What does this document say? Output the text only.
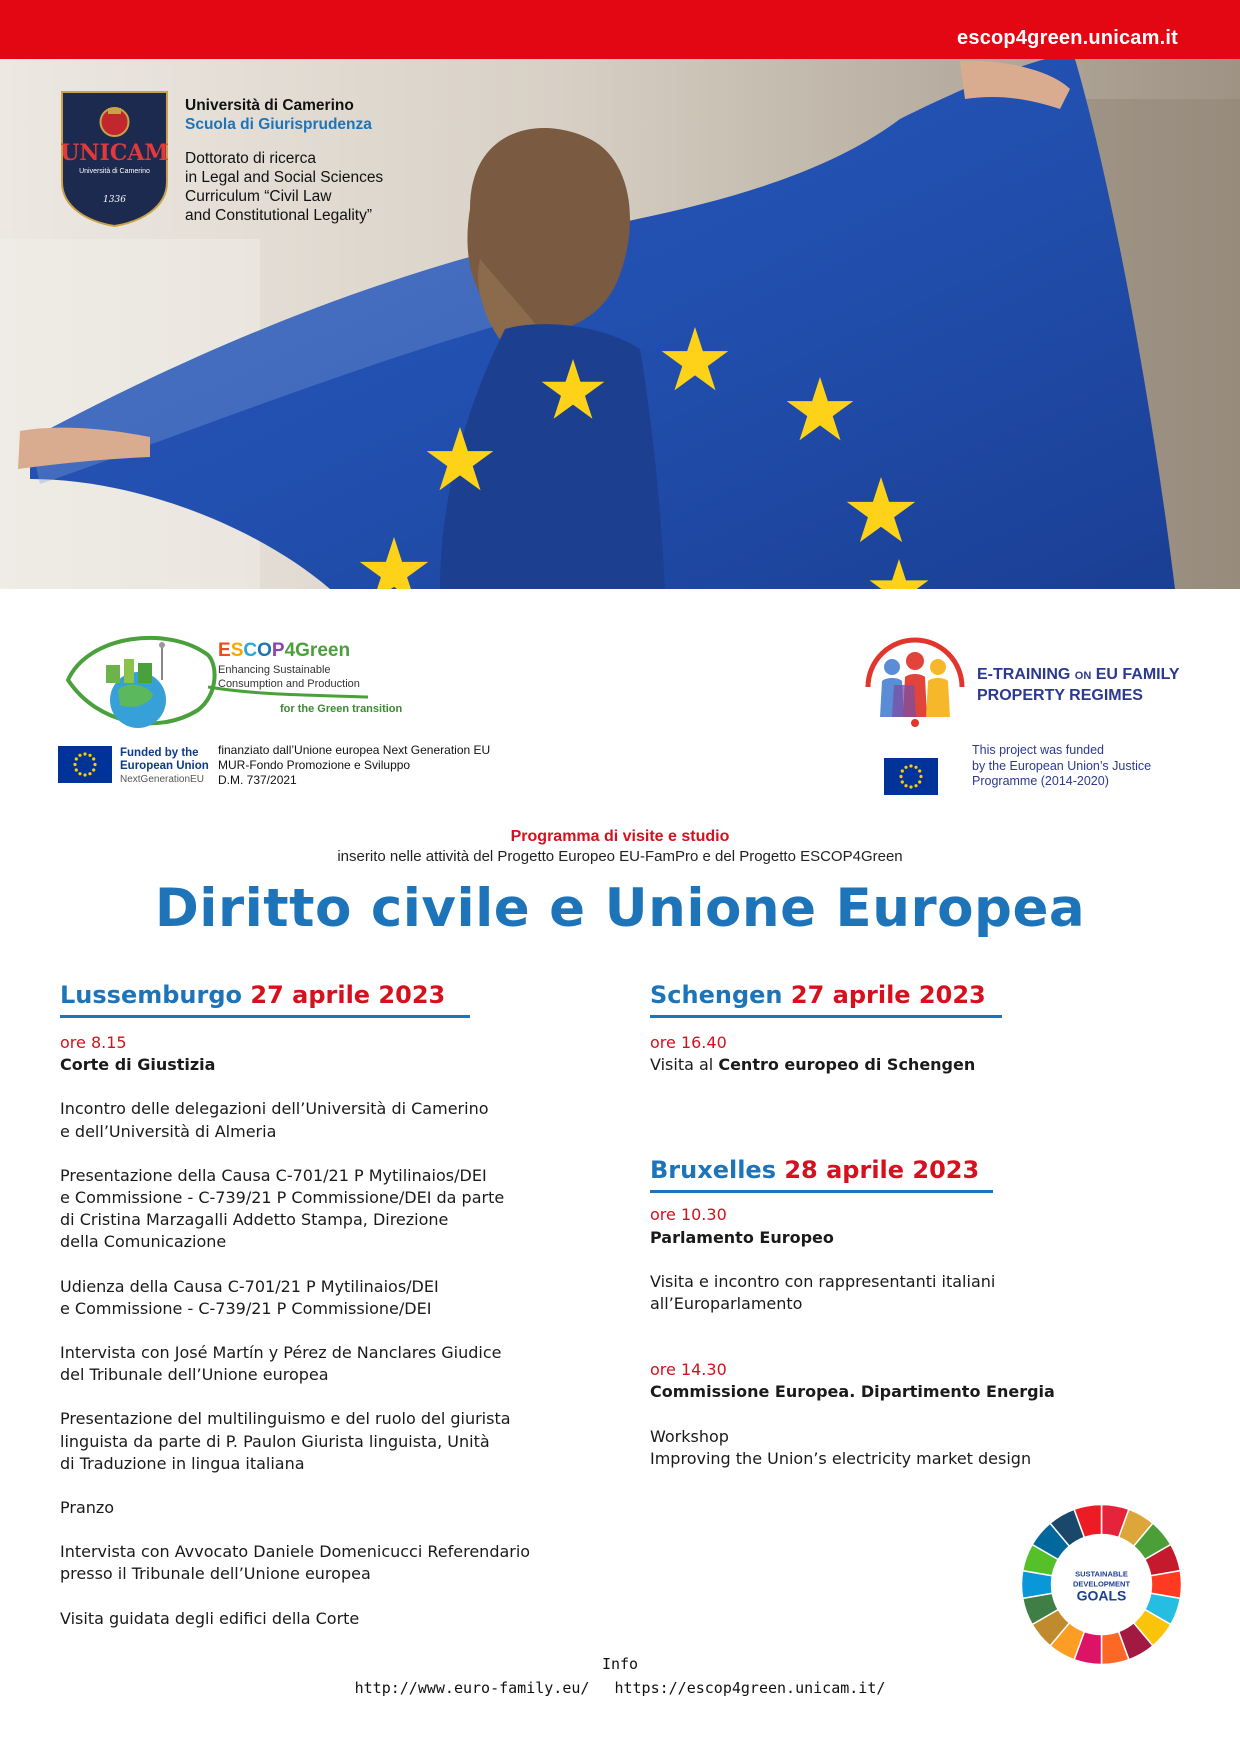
escop4green.unicam.it
UNICAM
Università di Camerino
1336
Università di Camerino
Scuola di Giurisprudenza
Dottorato di ricerca
in Legal and Social Sciences
Curriculum “Civil Law
and Constitutional Legality”
ESCOP4Green
Enhancing Sustainable
Consumption and Production
for the Green transition
Funded by the
European Union
NextGenerationEU
finanziato dall’Unione europea Next Generation EU
MUR-Fondo Promozione e Sviluppo
D.M. 737/2021
E-TRAINING ON EU FAMILY
PROPERTY REGIMES
This project was funded
by the European Union’s Justice
Programme (2014-2020)
Programma di visite e studio
inserito nelle attività del Progetto Europeo EU-FamPro e del Progetto ESCOP4Green
Diritto civile e Unione Europea
Lussemburgo 27 aprile 2023
ore 8.15
Corte di Giustizia
Incontro delle delegazioni dell’Università di Camerino
e dell’Università di Almeria
Presentazione della Causa C-701/21 P Mytilinaios/DEI
e Commissione - C-739/21 P Commissione/DEI da parte
di Cristina Marzagalli Addetto Stampa, Direzione
della Comunicazione
Udienza della Causa C-701/21 P Mytilinaios/DEI
e Commissione - C-739/21 P Commissione/DEI
Intervista con José Martín y Pérez de Nanclares Giudice
del Tribunale dell’Unione europea
Presentazione del multilinguismo e del ruolo del giurista
linguista da parte di P. Paulon Giurista linguista, Unità
di Traduzione in lingua italiana
Pranzo
Intervista con Avvocato Daniele Domenicucci Referendario
presso il Tribunale dell’Unione europea
Visita guidata degli edifici della Corte
Schengen 27 aprile 2023
ore 16.40
Visita al Centro europeo di Schengen
Bruxelles 28 aprile 2023
ore 10.30
Parlamento Europeo
Visita e incontro con rappresentanti italiani
all’Europarlamento
ore 14.30
Commissione Europea. Dipartimento Energia
Workshop
Improving the Union’s electricity market design
SUSTAINABLE
DEVELOPMENT
GOALS
Info
http://www.euro-family.eu/ https://escop4green.unicam.it/
